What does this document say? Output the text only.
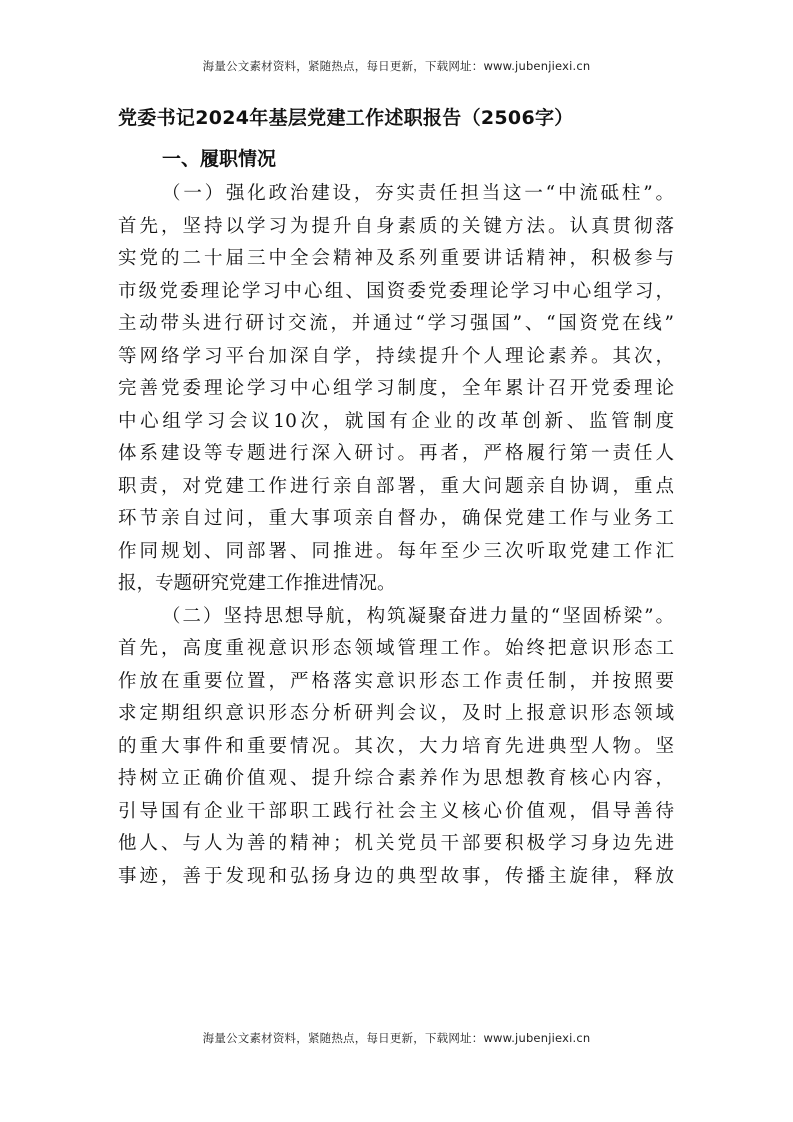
海量公文素材资料，紧随热点，每日更新，下载网址：www.jubenjiexi.cn
党委书记2024年基层党建工作述职报告（2506字）
一、履职情况
（一）强化政治建设，夯实责任担当这一“中流砥柱”。
首先，坚持以学习为提升自身素质的关键方法。认真贯彻落
实党的二十届三中全会精神及系列重要讲话精神，积极参与
市级党委理论学习中心组、国资委党委理论学习中心组学习，
主动带头进行研讨交流，并通过“学习强国”、“国资党在线”
等网络学习平台加深自学，持续提升个人理论素养。其次，
完善党委理论学习中心组学习制度，全年累计召开党委理论
中心组学习会议10次，就国有企业的改革创新、监管制度
体系建设等专题进行深入研讨。再者，严格履行第一责任人
职责，对党建工作进行亲自部署，重大问题亲自协调，重点
环节亲自过问，重大事项亲自督办，确保党建工作与业务工
作同规划、同部署、同推进。每年至少三次听取党建工作汇
报，专题研究党建工作推进情况。
（二）坚持思想导航，构筑凝聚奋进力量的“坚固桥梁”。
首先，高度重视意识形态领域管理工作。始终把意识形态工
作放在重要位置，严格落实意识形态工作责任制，并按照要
求定期组织意识形态分析研判会议，及时上报意识形态领域
的重大事件和重要情况。其次，大力培育先进典型人物。坚
持树立正确价值观、提升综合素养作为思想教育核心内容，
引导国有企业干部职工践行社会主义核心价值观，倡导善待
他人、与人为善的精神；机关党员干部要积极学习身边先进
事迹，善于发现和弘扬身边的典型故事，传播主旋律，释放
海量公文素材资料，紧随热点，每日更新，下载网址：www.jubenjiexi.cn
